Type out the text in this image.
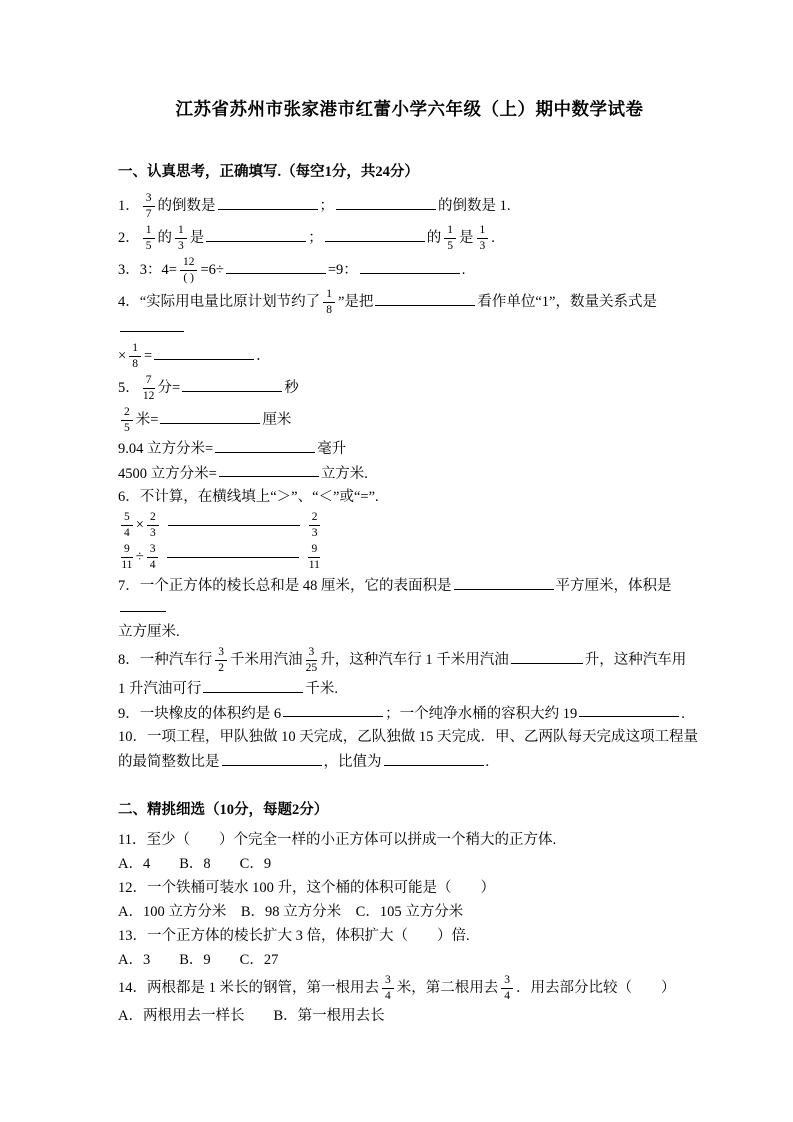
江苏省苏州市张家港市红蕾小学六年级（上）期中数学试卷
一、认真思考，正确填写.（每空1分，共24分）
1． $\frac{3}{7}$ 的倒数是	；	的倒数是 1.
2． $\frac{1}{5}$ 的 $\frac{1}{3}$ 是	；	的 $\frac{1}{5}$ 是 $\frac{1}{3}$ .
3．3：$4= \frac{12}{( )} =6\div$	=9：	.
4．“实际用电量比原计划节约了 $\frac{1}{8}$ ”是把	看作单位“1”，数量关系式是
× $\frac{1}{8}$ =	．
5． $\frac{7}{12}$ 分=	秒
$\frac{2}{5}$ 米=	厘米
9.04 立方分米=	毫升
4500 立方分米=	立方米.
6．不计算，在横线填上“＞”、“＜”或“=”.
$\frac{5}{4} \times \frac{2}{3}$	$\frac{2}{3}$
$\frac{9}{11} \div \frac{3}{4}$	$\frac{9}{11}$
7．一个正方体的棱长总和是 48 厘米，它的表面积是	平方厘米，体积是
立方厘米.
8．一种汽车行 $\frac{3}{2}$ 千米用汽油 $\frac{3}{25}$ 升，这种汽车行 1 千米用汽油	升，这种汽车用
1 升汽油可行	千米.
9．一块橡皮的体积约是 6	；一个纯净水桶的容积大约 19	.
10．一项工程，甲队独做 10 天完成，乙队独做 15 天完成．甲、乙两队每天完成这项工程量
的最简整数比是	，比值为	.
二、精挑细选（10分，每题2分）
11．至少（　　）个完全一样的小正方体可以拼成一个稍大的正方体.
A．4　　B．8　　C．9
12．一个铁桶可装水 100 升，这个桶的体积可能是（　　）
A．100 立方分米　B．98 立方分米　C．105 立方分米
13．一个正方体的棱长扩大 3 倍，体积扩大（　　）倍.
A．3　　B．9　　C．27
14．两根都是 1 米长的钢管，第一根用去 $\frac{3}{4}$ 米，第二根用去 $\frac{3}{4}$ ．用去部分比较（　　）
A．两根用去一样长　　B．第一根用去长
